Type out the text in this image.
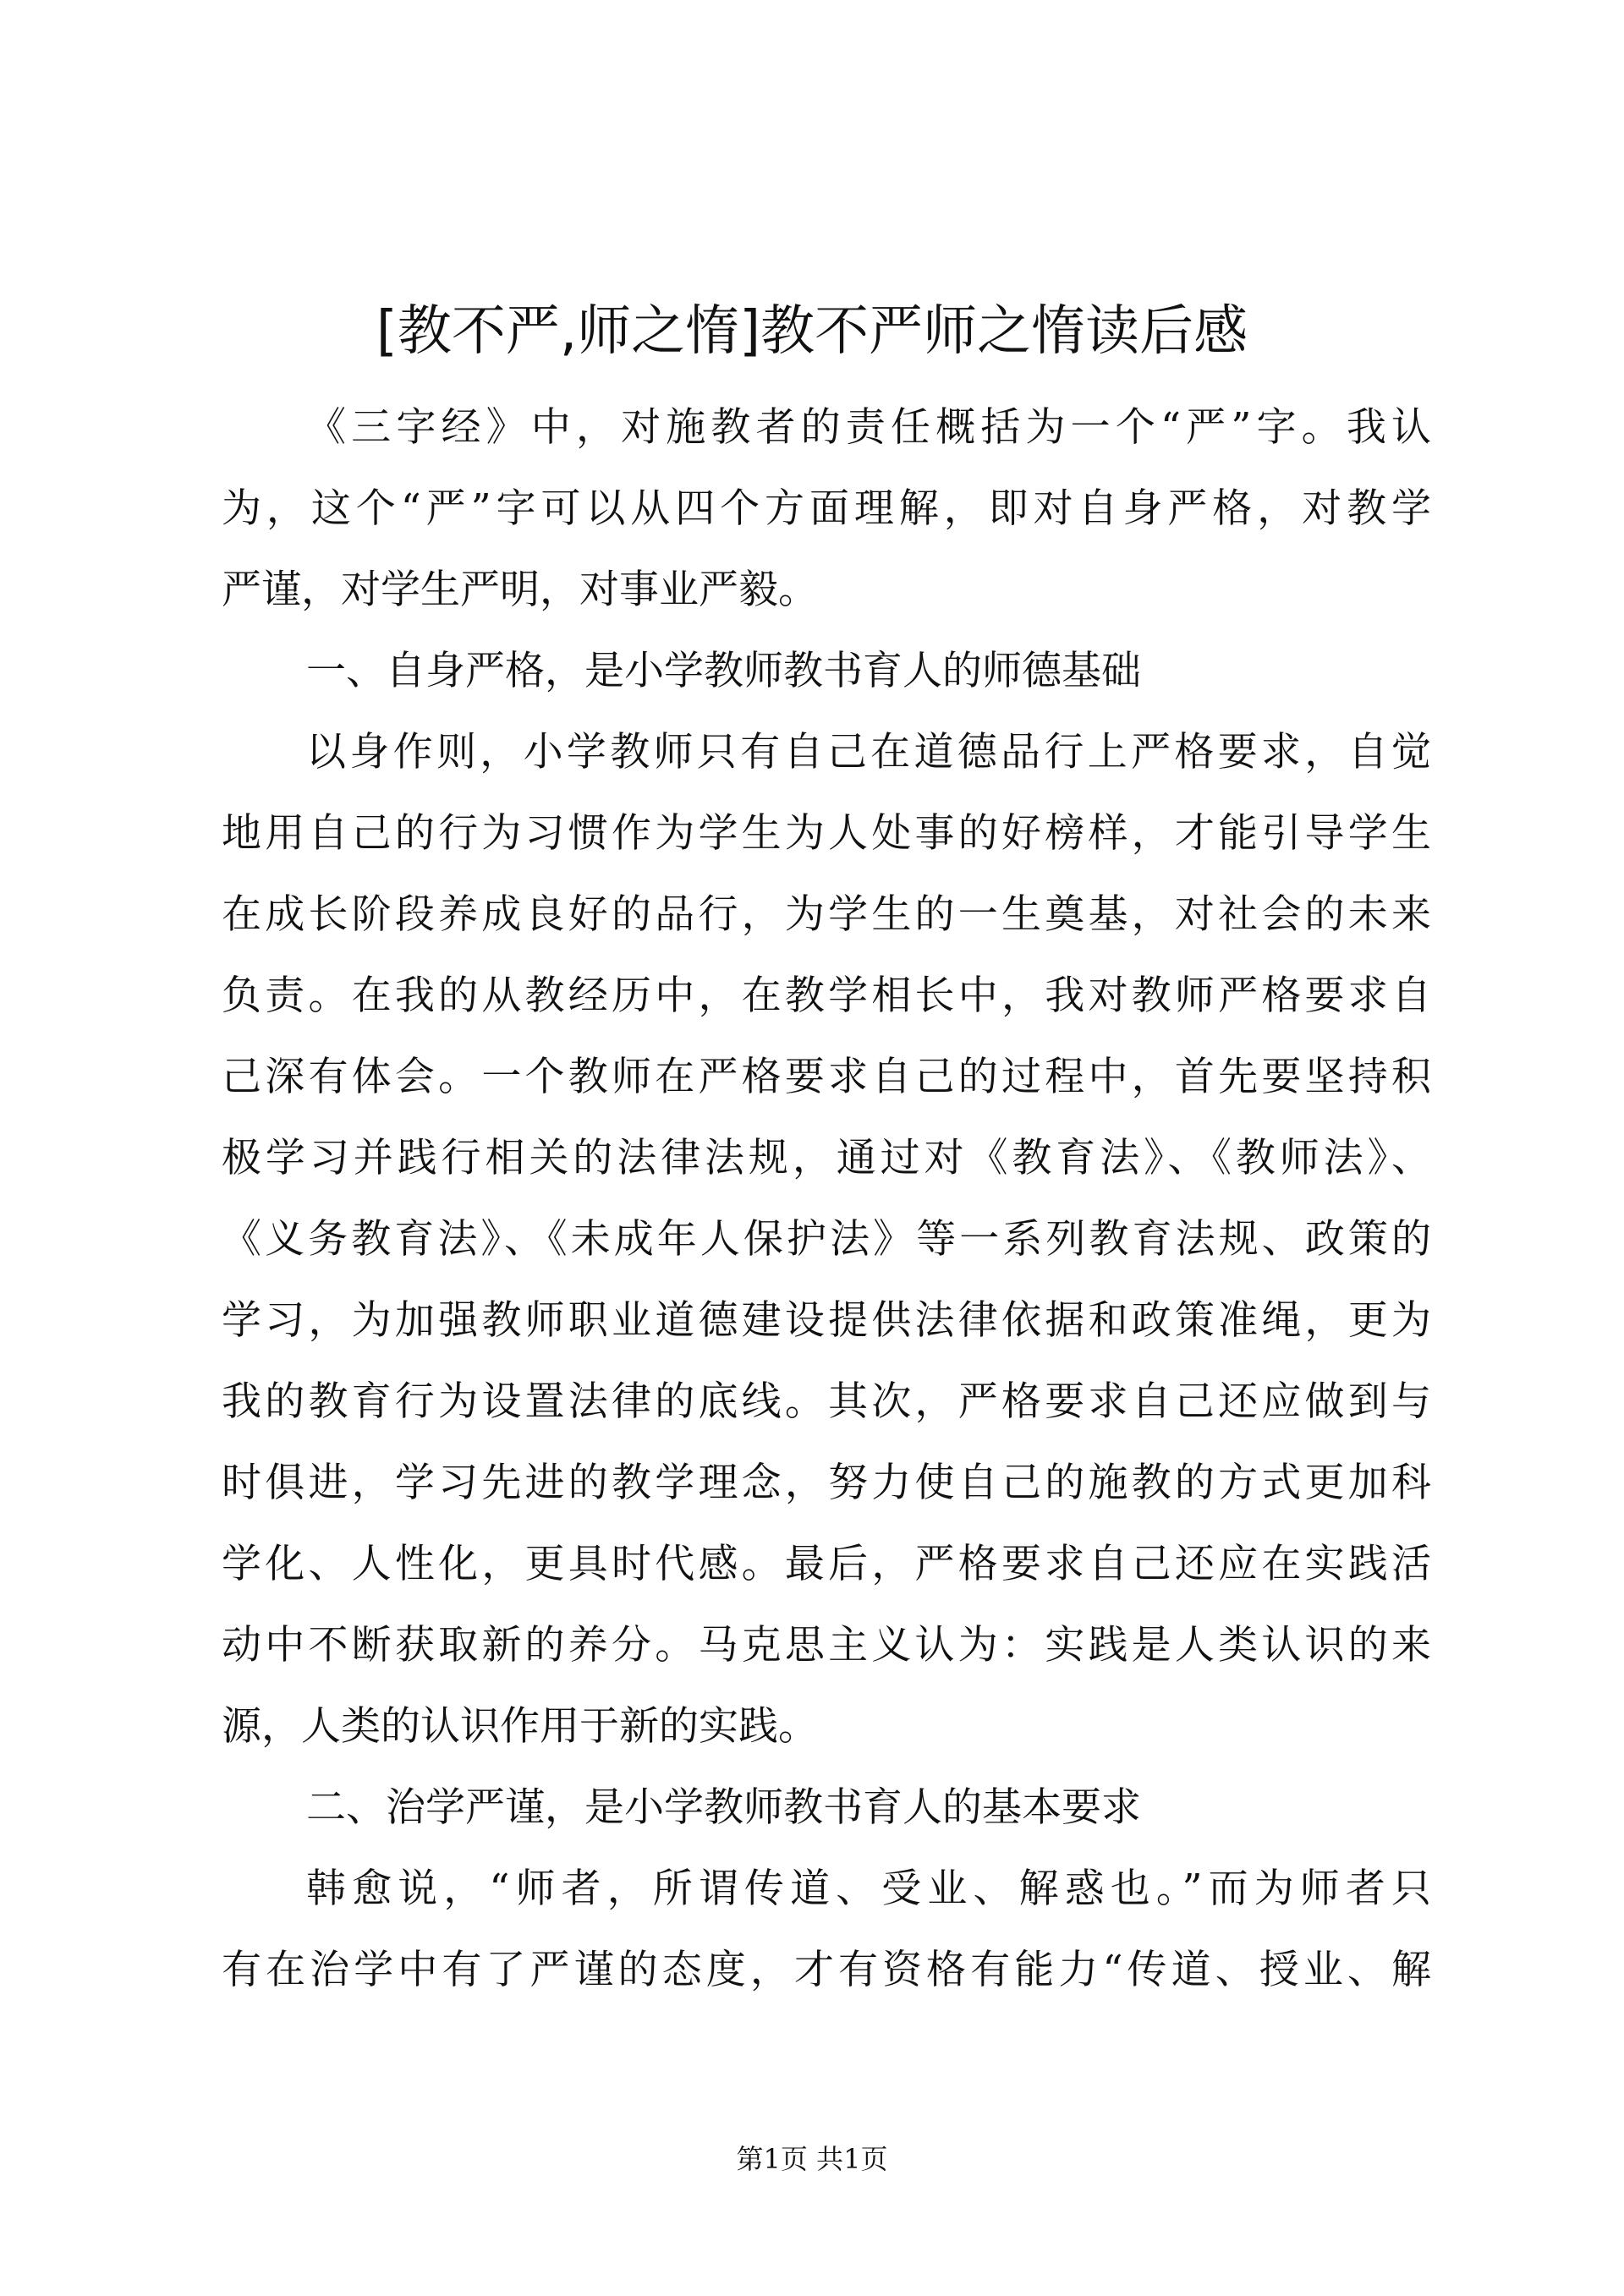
[教不严,师之惰]教不严师之惰读后感
《三字经》中，对施教者的责任概括为一个“严”字。我认
为，这个“严”字可以从四个方面理解，即对自身严格，对教学
严谨，对学生严明，对事业严毅。
一、自身严格，是小学教师教书育人的师德基础
以身作则，小学教师只有自己在道德品行上严格要求，自觉
地用自己的行为习惯作为学生为人处事的好榜样，才能引导学生
在成长阶段养成良好的品行，为学生的一生奠基，对社会的未来
负责。在我的从教经历中，在教学相长中，我对教师严格要求自
己深有体会。一个教师在严格要求自己的过程中，首先要坚持积
极学习并践行相关的法律法规，通过对《教育法》、《教师法》、
《义务教育法》、《未成年人保护法》等一系列教育法规、政策的
学习，为加强教师职业道德建设提供法律依据和政策准绳，更为
我的教育行为设置法律的底线。其次，严格要求自己还应做到与
时俱进，学习先进的教学理念，努力使自己的施教的方式更加科
学化、人性化，更具时代感。最后，严格要求自己还应在实践活
动中不断获取新的养分。马克思主义认为：实践是人类认识的来
源，人类的认识作用于新的实践。
二、治学严谨，是小学教师教书育人的基本要求
韩愈说，“师者，所谓传道、受业、解惑也。”而为师者只
有在治学中有了严谨的态度，才有资格有能力“传道、授业、解
第1页 共1页
